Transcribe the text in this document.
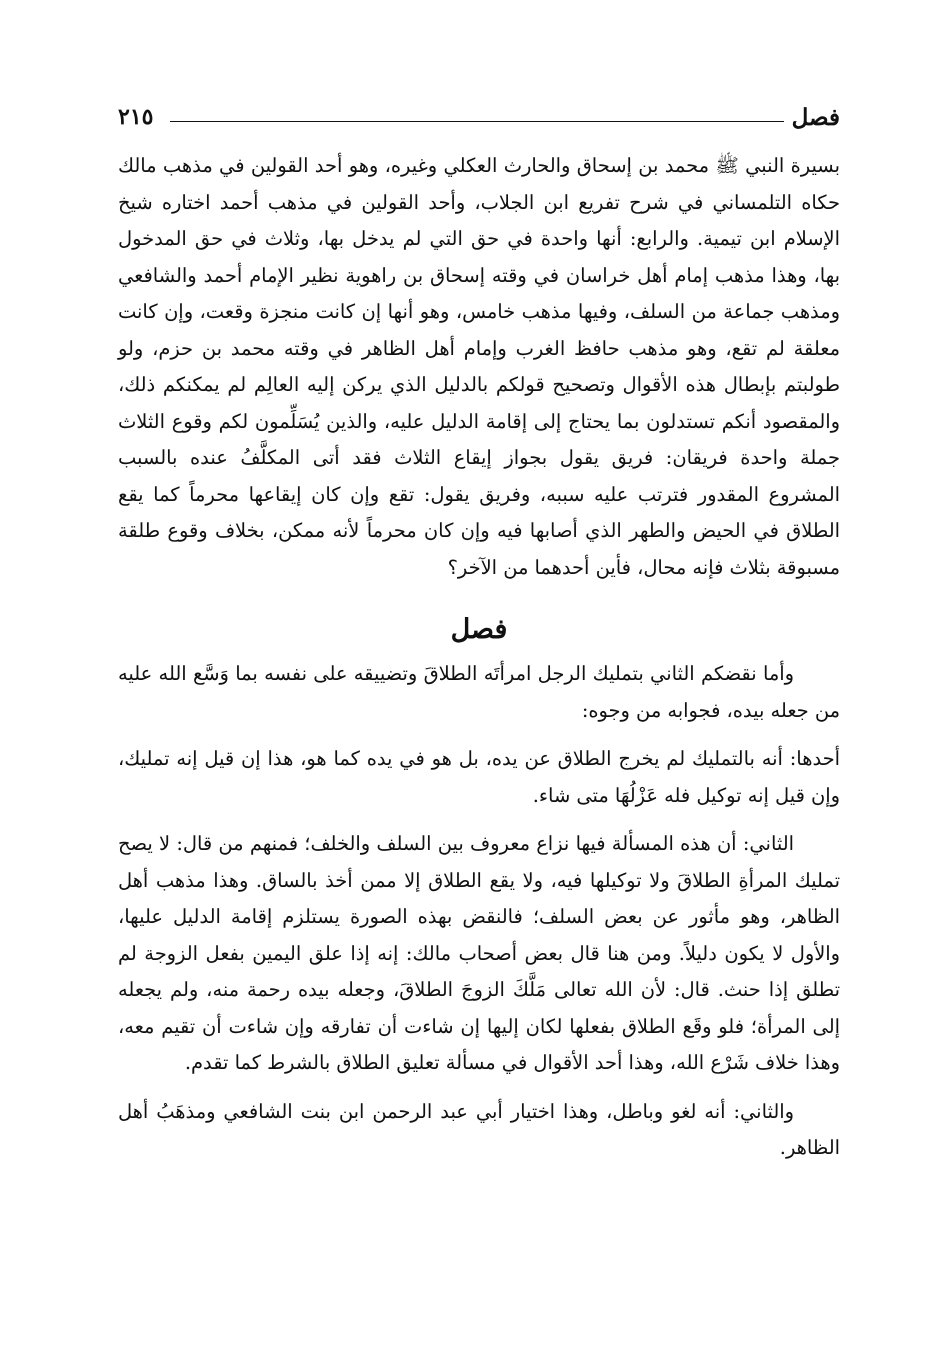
فصل
٢١٥

بسيرة النبي ﷺ محمد بن إسحاق والحارث العكلي وغيره، وهو أحد القولين في مذهب مالك حكاه التلمساني في شرح تفريع ابن الجلاب، وأحد القولين في مذهب أحمد اختاره شيخ الإسلام ابن تيمية. والرابع: أنها واحدة في حق التي لم يدخل بها، وثلاث في حق المدخول بها، وهذا مذهب إمام أهل خراسان في وقته إسحاق بن راهوية نظير الإمام أحمد والشافعي ومذهب جماعة من السلف، وفيها مذهب خامس، وهو أنها إن كانت منجزة وقعت، وإن كانت معلقة لم تقع، وهو مذهب حافظ الغرب وإمام أهل الظاهر في وقته محمد بن حزم، ولو طولبتم بإبطال هذه الأقوال وتصحيح قولكم بالدليل الذي يركن إليه العالِم لم يمكنكم ذلك، والمقصود أنكم تستدلون بما يحتاج إلى إقامة الدليل عليه، والذين يُسَلِّمون لكم وقوع الثلاث جملة واحدة فريقان: فريق يقول بجواز إيقاع الثلاث فقد أتى المكلَّفُ عنده بالسبب المشروع المقدور فترتب عليه سببه، وفريق يقول: تقع وإن كان إيقاعها محرماً كما يقع الطلاق في الحيض والطهر الذي أصابها فيه وإن كان محرماً لأنه ممكن، بخلاف وقوع طلقة مسبوقة بثلاث فإنه محال، فأين أحدهما من الآخر؟

فصل

وأما نقضكم الثاني بتمليك الرجل امرأتَه الطلاقَ وتضييقه على نفسه بما وَسَّع الله عليه من جعله بيده، فجوابه من وجوه:

أحدها: أنه بالتمليك لم يخرج الطلاق عن يده، بل هو في يده كما هو، هذا إن قيل إنه تمليك، وإن قيل إنه توكيل فله عَزْلُهَا متى شاء.

الثاني: أن هذه المسألة فيها نزاع معروف بين السلف والخلف؛ فمنهم من قال: لا يصح تمليك المرأةِ الطلاقَ ولا توكيلها فيه، ولا يقع الطلاق إلا ممن أخذ بالساق. وهذا مذهب أهل الظاهر، وهو مأثور عن بعض السلف؛ فالنقض بهذه الصورة يستلزم إقامة الدليل عليها، والأول لا يكون دليلاً. ومن هنا قال بعض أصحاب مالك: إنه إذا علق اليمين بفعل الزوجة لم تطلق إذا حنث. قال: لأن الله تعالى مَلَّكَ الزوجَ الطلاقَ، وجعله بيده رحمة منه، ولم يجعله إلى المرأة؛ فلو وقَع الطلاق بفعلها لكان إليها إن شاءت أن تفارقه وإن شاءت أن تقيم معه، وهذا خلاف شَرْع الله، وهذا أحد الأقوال في مسألة تعليق الطلاق بالشرط كما تقدم.

والثاني: أنه لغو وباطل، وهذا اختيار أبي عبد الرحمن ابن بنت الشافعي ومذهَبُ أهل الظاهر.
